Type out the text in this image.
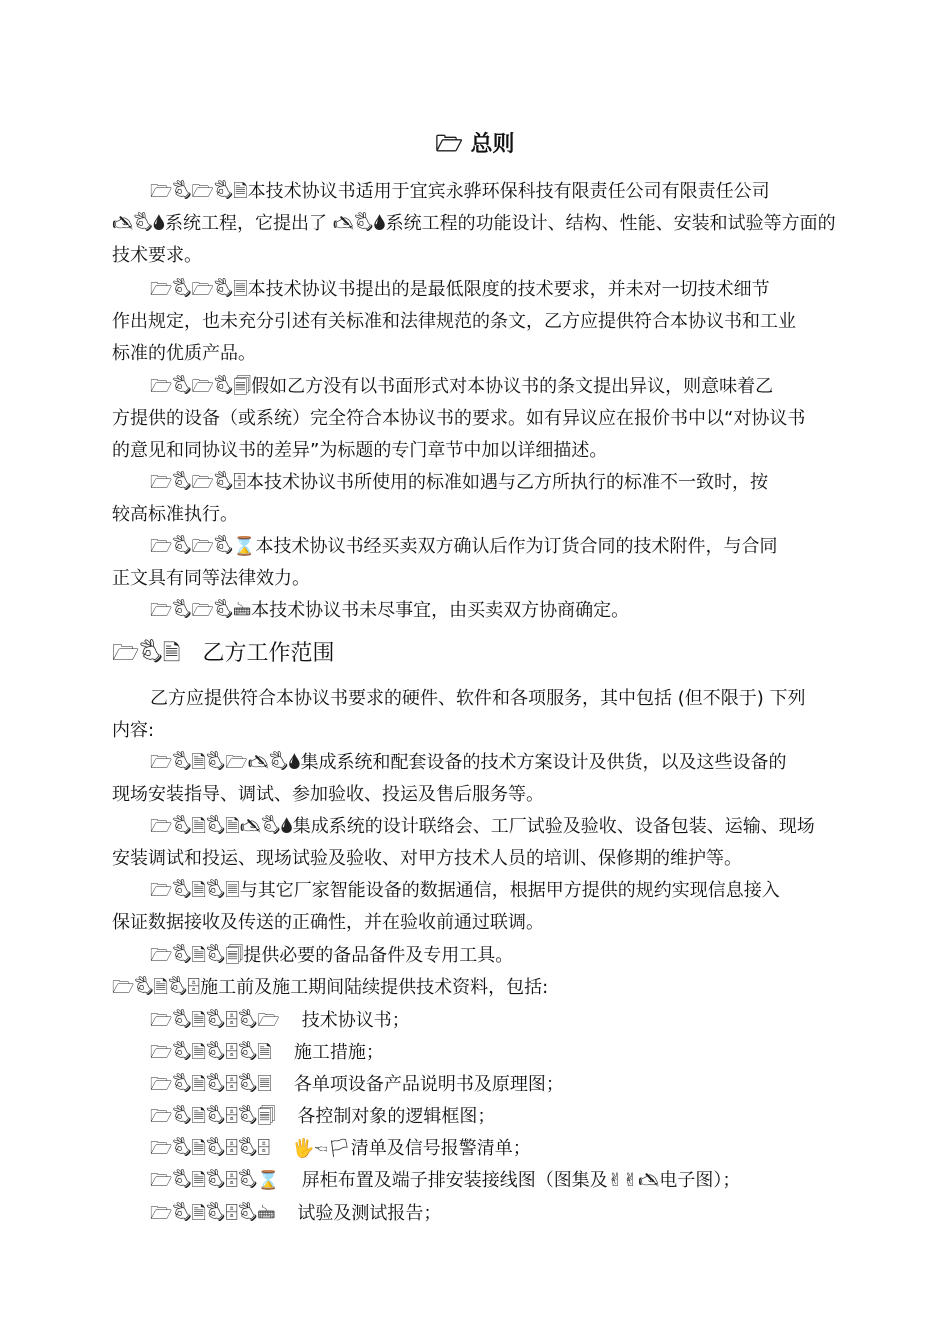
🗁 总则

🗁🖏🗁🖏🗎本技术协议书适用于宜宾永骅环保科技有限责任公司有限责任公司

🖎🖏🌢系统工程，它提出了 🖎🖏🌢系统工程的功能设计、结构、性能、安装和试验等方面的
技术要求。
🗁🖏🗁🖏🗏本技术协议书提出的是最低限度的技术要求，并未对一切技术细节
作出规定，也未充分引述有关标准和法律规范的条文，乙方应提供符合本协议书和工业
标准的优质产品。
🗁🖏🗁🖏🗐假如乙方没有以书面形式对本协议书的条文提出异议，则意味着乙
方提供的设备（或系统）完全符合本协议书的要求。如有异议应在报价书中以“对协议书
的意见和同协议书的差异”为标题的专门章节中加以详细描述。
🗁🖏🗁🖏🗄本技术协议书所使用的标准如遇与乙方所执行的标准不一致时，按
较高标准执行。
🗁🖏🗁🖏⌛本技术协议书经买卖双方确认后作为订货合同的技术附件，与合同
正文具有同等法律效力。
🗁🖏🗁🖏🖮本技术协议书未尽事宜，由买卖双方协商确定。
🗁🖏🗎 乙方工作范围
乙方应提供符合本协议书要求的硬件、软件和各项服务，其中包括 (但不限于) 下列
内容:
🗁🖏🗎🖏🗁🖎🖏🌢集成系统和配套设备的技术方案设计及供货，以及这些设备的
现场安装指导、调试、参加验收、投运及售后服务等。
🗁🖏🗎🖏🗎🖎🖏🌢集成系统的设计联络会、工厂试验及验收、设备包装、运输、现场
安装调试和投运、现场试验及验收、对甲方技术人员的培训、保修期的维护等。
🗁🖏🗎🖏🗏与其它厂家智能设备的数据通信，根据甲方提供的规约实现信息接入
保证数据接收及传送的正确性，并在验收前通过联调。
🗁🖏🗎🖏🗐提供必要的备品备件及专用工具。
🗁🖏🗎🖏🗄施工前及施工期间陆续提供技术资料，包括:
🗁🖏🗎🖏🗄🖏🗁 技术协议书；
🗁🖏🗎🖏🗄🖏🗎 施工措施；
🗁🖏🗎🖏🗄🖏🗏 各单项设备产品说明书及原理图；
🗁🖏🗎🖏🗄🖏🗐 各控制对象的逻辑框图；
🗁🖏🗎🖏🗄🖏🗄 🖐🖘🏳清单及信号报警清单；
🗁🖏🗎🖏🗄🖏⌛ 屏柜布置及端子排安装接线图（图集及✌✌🖎电子图）；
🗁🖏🗎🖏🗄🖏🖮 试验及测试报告；
